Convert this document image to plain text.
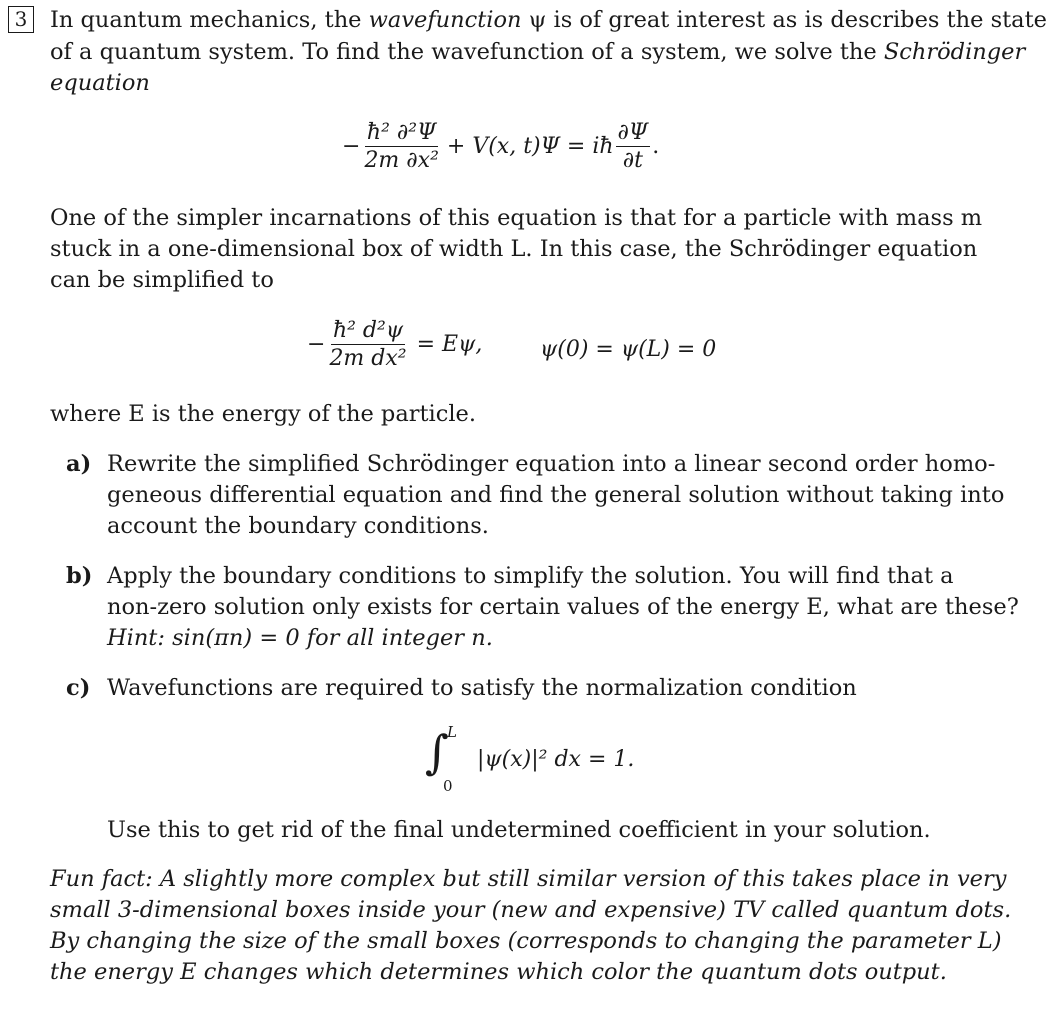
3 In quantum mechanics, the wavefunction ψ is of great interest as is describes the state
of a quantum system. To find the wavefunction of a system, we solve the Schrödinger
equation
− $\frac{\text{ħ² ∂²Ψ}}{\text{2m ∂x²}} + V(x$, t)Ψ = iħ $\frac{\partial\Psi}{\partial t}$ .
One of the simpler incarnations of this equation is that for a particle with mass m
stuck in a one-dimensional box of width L. In this case, the Schrödinger equation
can be simplified to
− $\frac{\text{ħ² d²ψ}}{\text{2m dx²}} = E\psi$,	ψ(0) = ψ(L) = 0
where E is the energy of the particle.
a) Rewrite the simplified Schrödinger equation into a linear second order homo-
geneous differential equation and find the general solution without taking into
account the boundary conditions.
b) Apply the boundary conditions to simplify the solution. You will find that a
non-zero solution only exists for certain values of the energy E, what are these?
Hint: sin(πn) = 0 for all integer n.
c) Wavefunctions are required to satisfy the normalization condition
∫
L
0
|ψ(x)|² dx = 1.
Use this to get rid of the final undetermined coefficient in your solution.
Fun fact: A slightly more complex but still similar version of this takes place in very
small 3-dimensional boxes inside your (new and expensive) TV called quantum dots.
By changing the size of the small boxes (corresponds to changing the parameter L)
the energy E changes which determines which color the quantum dots output.
